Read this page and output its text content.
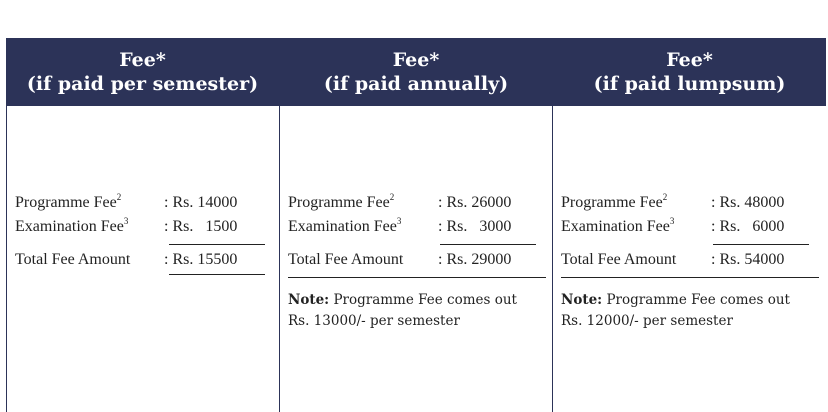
Fee*
(if paid per semester)
Fee*
(if paid annually)
Fee*
(if paid lumpsum)
Programme Fee$^2$	: Rs. 14000
Examination Fee$^3$ : Rs.   1500
Total Fee Amount : Rs. 15500
Programme Fee$^2$	: Rs. 26000
Examination Fee$^3$ : Rs.   3000
Total Fee Amount : Rs. 29000
Note: Programme Fee comes out
Rs. 13000/- per semester
Programme Fee$^2$	: Rs. 48000
Examination Fee$^3$ : Rs.   6000
Total Fee Amount : Rs. 54000
Note: Programme Fee comes out
Rs. 12000/- per semester
